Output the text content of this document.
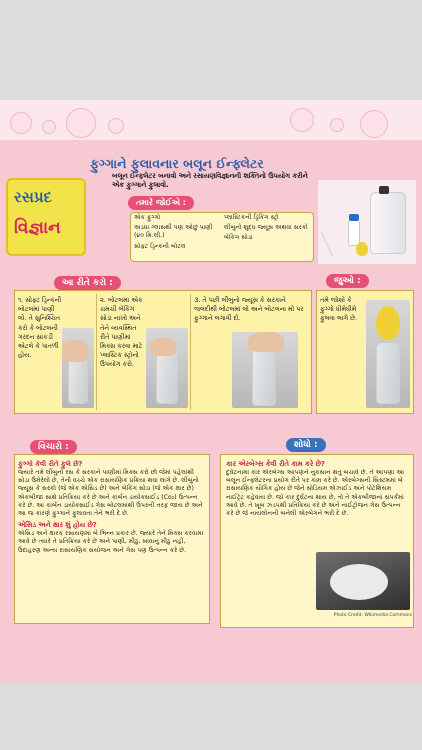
રસપ્રદ
વિજ્ઞાન
ફુગ્ગાને ફુલાવનાર બલૂન ઈન્ફ્લેટર
બલૂન ઈન્ફ્લેટર બનાવો અને રસાયણવિજ્ઞાનની શક્તિનો ઉપયોગ કરીને એક ફુગ્ગાને ફુલાવો.
તમારે જોઈએ :
એક ફુગ્ગો
અડધા ગ્લાસથી પણ ઓછું પાણી (૪૦ મિ.લી.)
સોફ્ટ ડ્રિન્કની બોટલ
પ્લાસ્ટિકની ડ્રિંકિંગ સ્ટ્રો
લીંબુનો શુદ્ધ જ્યૂસ અથવા સરકો
બેકિંગ સોડા
આ રીતે કરો :	જુઓ :
૧. સોફ્ટ ડ્રિન્કની બોટલમાં પાણી લો. તે સુનિશ્ચિત કરો કે બોટલની ગરદન સાંકડી એટલે કે પાતળી હોય.
૨. બોટલમાં એક ચમચી બેકિંગ સોડા નાખો અને તેને વ્યવસ્થિત રીતે પાણીમાં મિક્સ કરવા માટે પ્લાસ્ટિક સ્ટ્રોનો ઉપયોગ કરો.
૩. તે પછી લીંબુનો જ્યૂસ કે સરકાને જલદીથી બોટલમાં લો અને બોટલના મોં પર ફુગ્ગાને લગાવી દો.
તમે જોશો કે ફુગ્ગો ધીમેધીમે ફુલવા લાગે છે.
વિચારો :
ફુગ્ગો કેવી રીતે ફુલે છે?
જ્યારે તમે લીંબુનો રસ કે સરકાને પાણીમાં મિક્સ કરો છો જેમાં પહેલાંથી સોડા ઉમેરેલો છે, તેની વચ્ચે એક રાસાયણિક પ્રક્રિયા થવા લાગે છે. લીંબુનો જ્યૂસ કે સરકો (જે એક એસિડ છે) અને બેકિંગ સોડા (જે એક ક્ષાર છે) એકબીજા સાથે પ્રતિક્રિયા કરે છે અને કાર્બન ડાયોક્સાઈડ (Co₂) ઉત્પન્ન કરે છે. આ કાર્બન ડાયોક્સાઈડ ગેસ બોટલમાંથી ઉપરની તરફ જાય છે અને આ જ કારણે ફુગ્ગાને ફુલાવતા તેને ભરી દે છે.
એસિડ અને ક્ષાર શું હોય છે?
એસિડ અને ક્ષારક રસાયણમાં બે ભિન્ન પ્રકાર છે. જ્યારે તેને મિક્સ કરવામાં આવે છે ત્યારે તે પ્રતિક્રિયા કરે છે અને પાણી, મીઠું, ખાવાનું મીઠું નહીં, ઉદાહરણ અન્ય રાસાયણિક સંયોજન અને ગેસ પણ ઉત્પન્ન કરે છે.
શોધો :
કાર એરબેગ્સ કેવી રીતે કામ કરે છે?
દુર્ઘટનામાં કાર એરબેગ્સ આપણને નુકસાન થતું બચાવે છે. તે આપણા આ બલૂન ઈન્ફ્લેટરના પ્રયોગ રીતે પર કામ કરે છે. એરબેગ્સની સિસ્ટમમાં બે રાસાયણિક યૌગિક હોય છે જેને સોડિયમ એઝાઈડ અને પોટેશિયમ નાઈટ્રેટ કહેવાય છે. જો કાર દુર્ઘટના થાય છે, તો તે એકબીજાના સંપર્કમાં આવે છે. તે ખૂબ ઝડપથી પ્રતિક્રિયા કરે છે અને નાઈટ્રોજન ગેસ ઉત્પન્ન કરે છે જે નાયલોનની બનેલી એરબેગને ભરી દે છે.
Photo Credit: Wikimedia Commons
